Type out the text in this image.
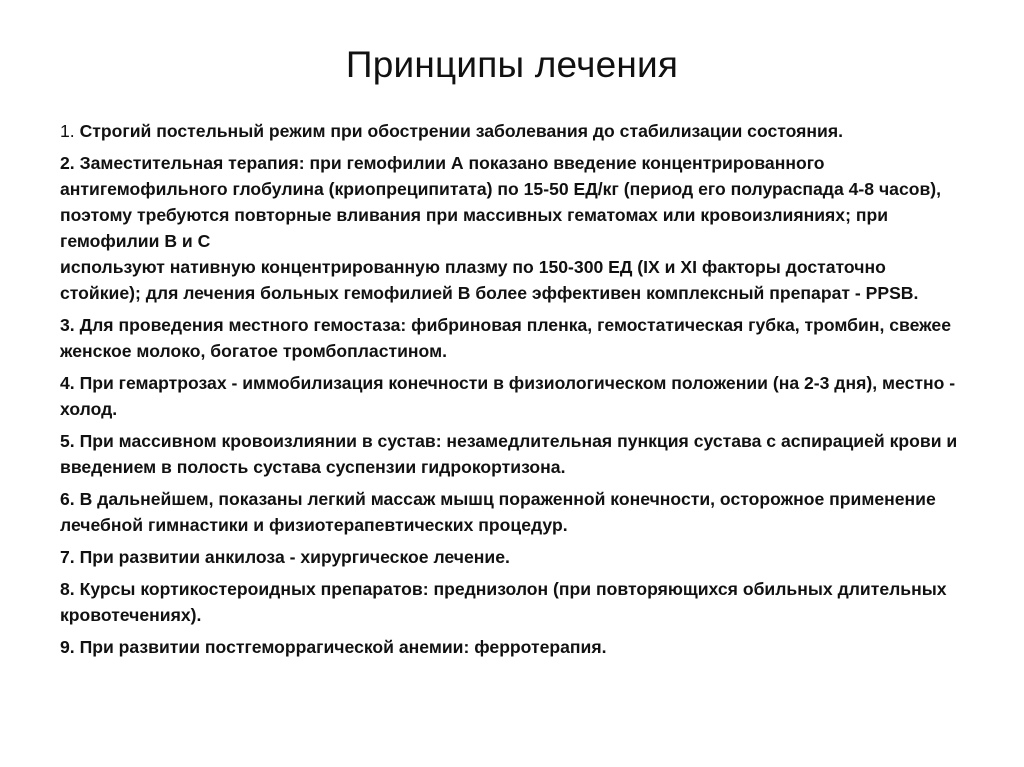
Принципы лечения
1. Строгий постельный режим при обострении заболевания до стабилизации состояния.
2. Заместительная терапия: при гемофилии А показано введение концентрированного антигемофильного глобулина (криопреципитата) по 15-50 ЕД/кг (период его полураспада 4-8 часов), поэтому требуются повторные вливания при массивных гематомах или кровоизлияниях; при гемофилии В и С
используют нативную концентрированную плазму по 150-300 ЕД (IX и XI факторы достаточно стойкие); для лечения больных гемофилией В более эффективен комплексный препарат - PPSB.
3. Для проведения местного гемостаза: фибриновая пленка, гемостатическая губка, тромбин, свежее женское молоко, богатое тромбопластином.
4. При гемартрозах - иммобилизация конечности в физиологическом положении (на 2-3 дня), местно - холод.
5. При массивном кровоизлиянии в сустав: незамедлительная пункция сустава с аспирацией крови и введением в полость сустава суспензии гидрокортизона.
6. В дальнейшем, показаны легкий массаж мышц пораженной конечности, осторожное применение лечебной гимнастики и физиотерапевтических процедур.
7. При развитии анкилоза - хирургическое лечение.
8. Курсы кортикостероидных препаратов: преднизолон (при повторяющихся обильных длительных кровотечениях).
9. При развитии постгеморрагической анемии: ферротерапия.
